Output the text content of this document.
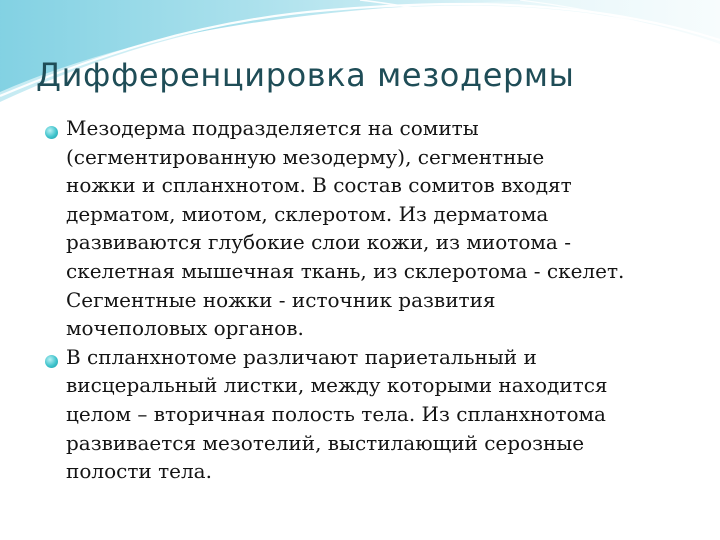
Дифференцировка мезодермы
Мезодерма подразделяется на сомиты
(сегментированную мезодерму), сегментные
ножки и спланхнотом. В состав сомитов входят
дерматом, миотом, склеротом. Из дерматома
развиваются глубокие слои кожи, из миотома -
скелетная мышечная ткань, из склеротома - скелет.
Сегментные ножки - источник развития
мочеполовых органов.
В спланхнотоме различают париетальный и
висцеральный листки, между которыми находится
целом – вторичная полость тела. Из спланхнотома
развивается мезотелий, выстилающий серозные
полости тела.
